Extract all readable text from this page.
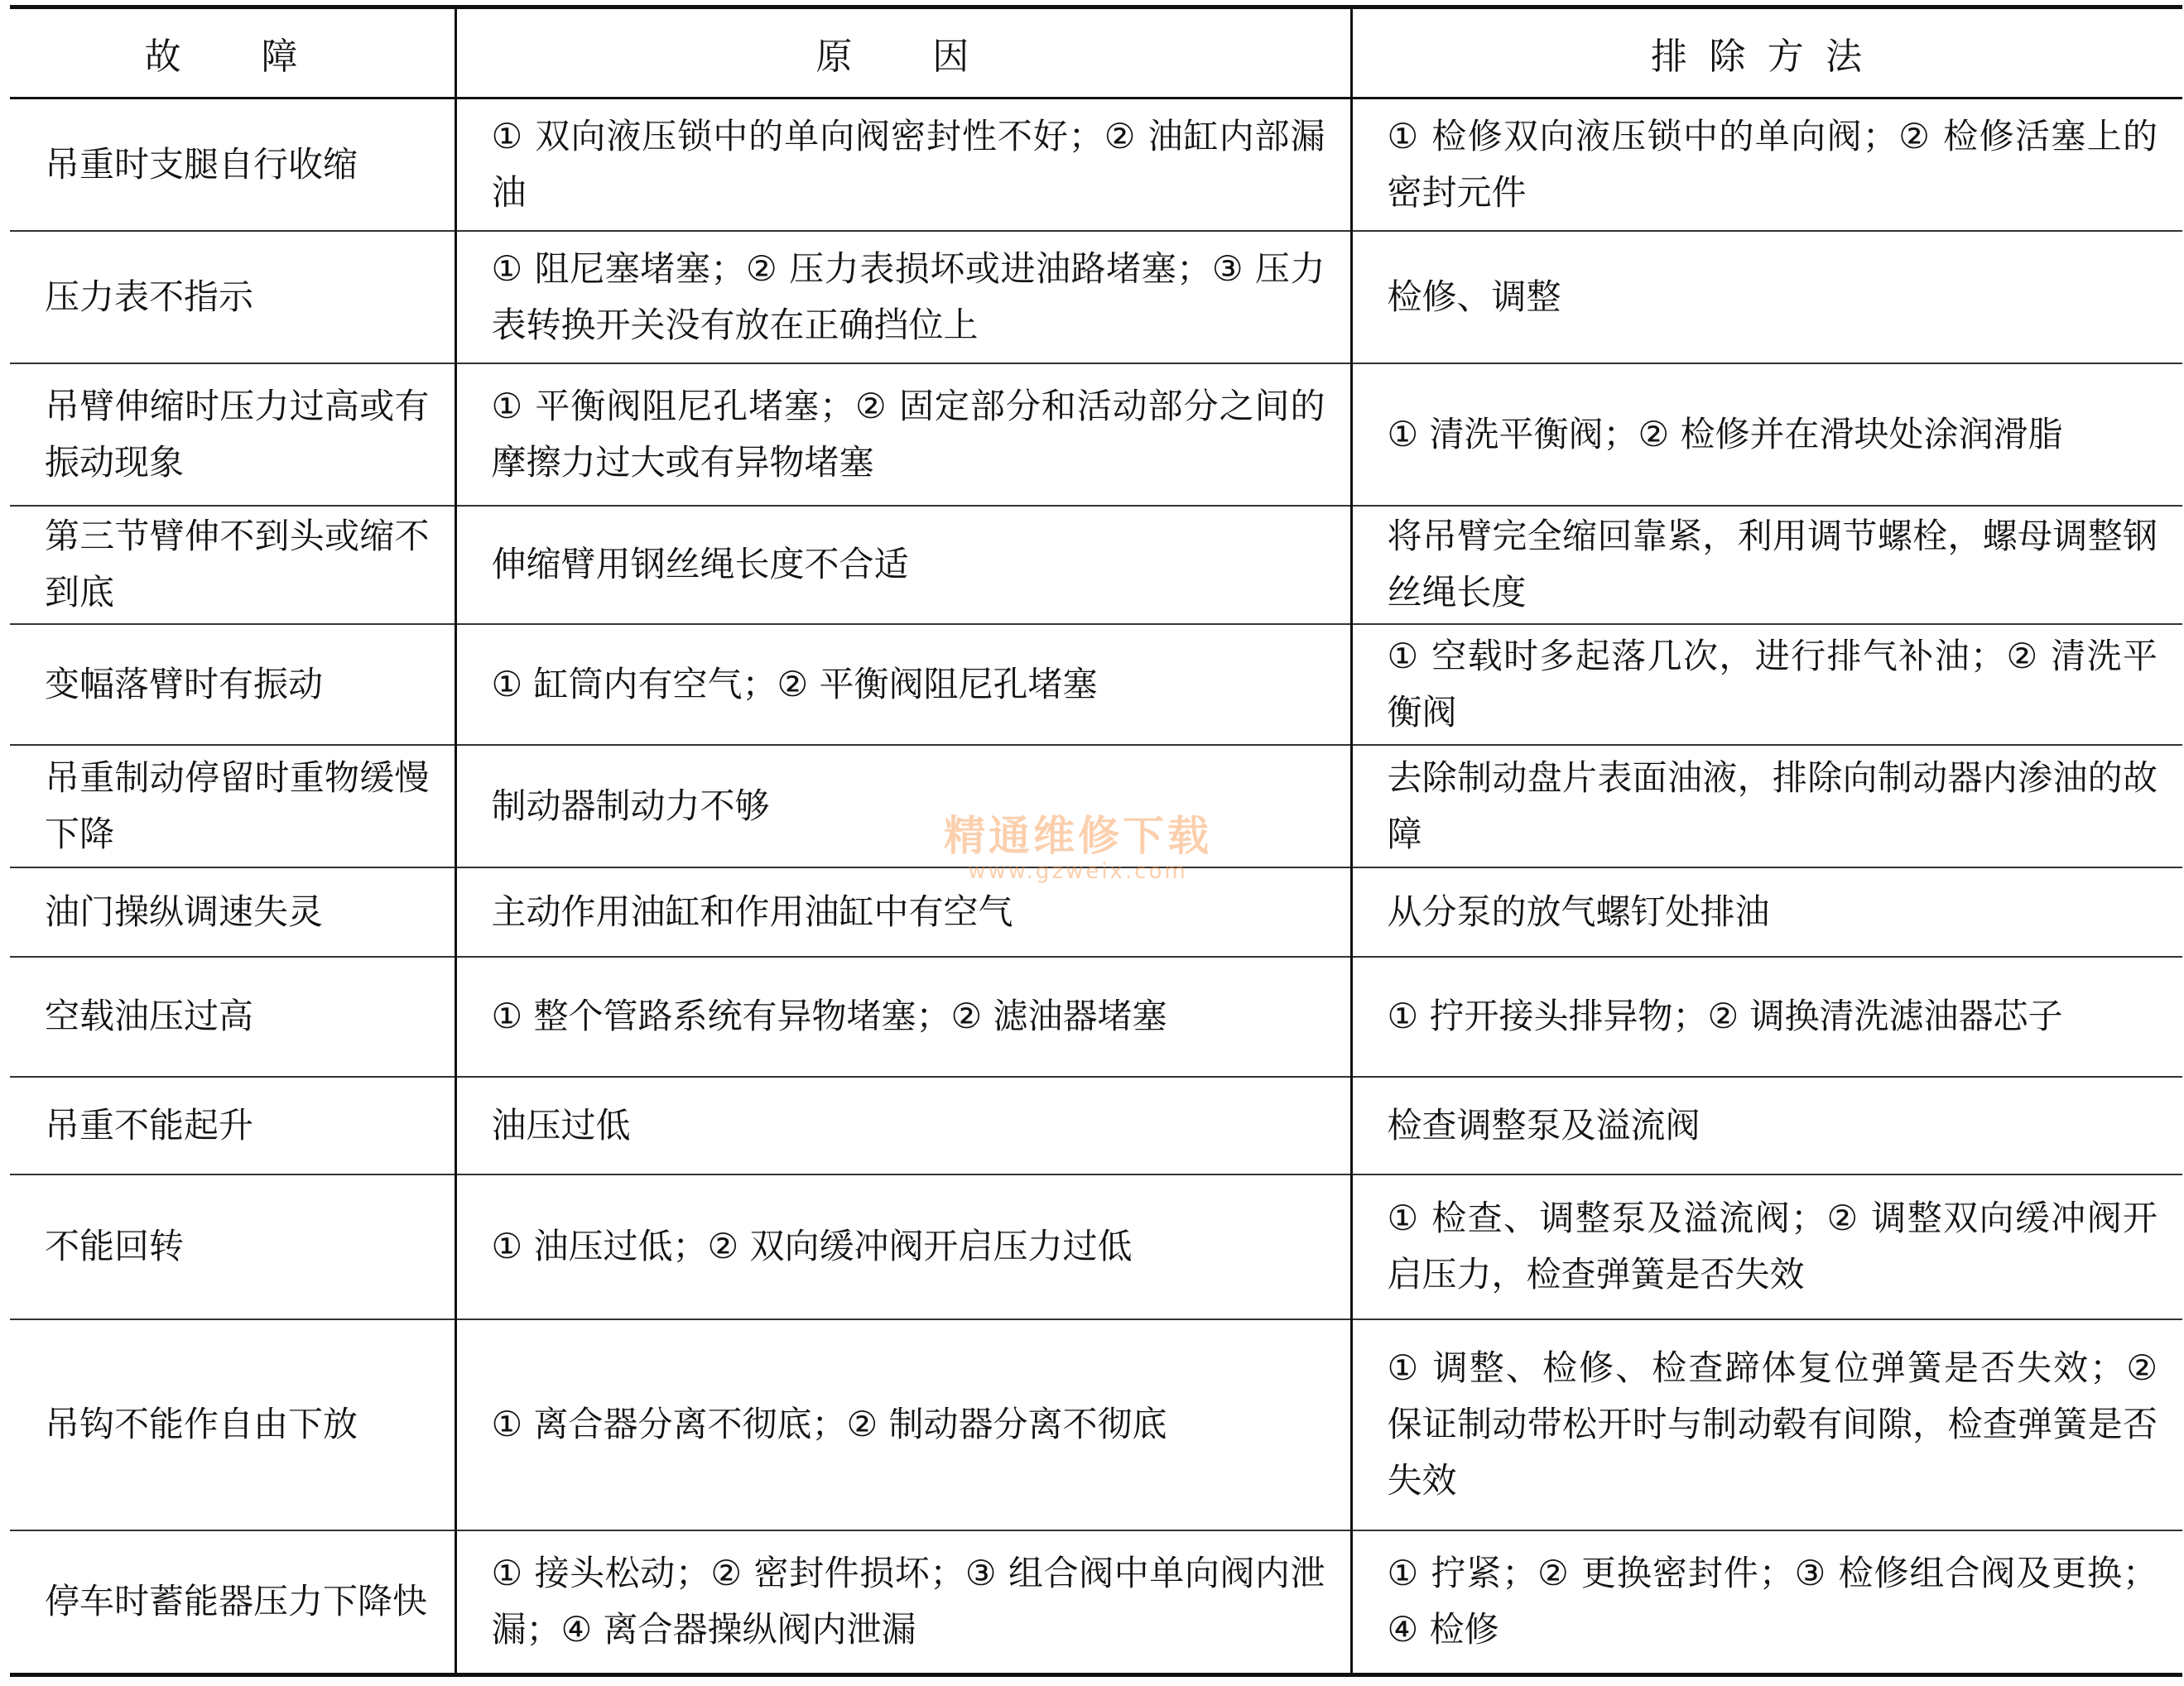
故　障	原　因	排除方法
吊重时支腿自行收缩	① 双向液压锁中的单向阀密封性不好；② 油缸内部漏油	① 检修双向液压锁中的单向阀；② 检修活塞上的密封元件
压力表不指示	① 阻尼塞堵塞；② 压力表损坏或进油路堵塞；③ 压力表转换开关没有放在正确挡位上	检修、调整
吊臂伸缩时压力过高或有振动现象	① 平衡阀阻尼孔堵塞；② 固定部分和活动部分之间的摩擦力过大或有异物堵塞	① 清洗平衡阀；② 检修并在滑块处涂润滑脂
第三节臂伸不到头或缩不到底	伸缩臂用钢丝绳长度不合适	将吊臂完全缩回靠紧，利用调节螺栓，螺母调整钢丝绳长度
变幅落臂时有振动	① 缸筒内有空气；② 平衡阀阻尼孔堵塞	① 空载时多起落几次，进行排气补油；② 清洗平衡阀
吊重制动停留时重物缓慢下降	制动器制动力不够	去除制动盘片表面油液，排除向制动器内渗油的故障
油门操纵调速失灵	主动作用油缸和作用油缸中有空气	从分泵的放气螺钉处排油
空载油压过高	① 整个管路系统有异物堵塞；② 滤油器堵塞	① 拧开接头排异物；② 调换清洗滤油器芯子
吊重不能起升	油压过低	检查调整泵及溢流阀
不能回转	① 油压过低；② 双向缓冲阀开启压力过低	① 检查、调整泵及溢流阀；② 调整双向缓冲阀开启压力，检查弹簧是否失效
吊钩不能作自由下放	① 离合器分离不彻底；② 制动器分离不彻底	① 调整、检修、检查蹄体复位弹簧是否失效；② 保证制动带松开时与制动毂有间隙，检查弹簧是否失效
停车时蓄能器压力下降快	① 接头松动；② 密封件损坏；③ 组合阀中单向阀内泄漏；④ 离合器操纵阀内泄漏	① 拧紧；② 更换密封件；③ 检修组合阀及更换；④ 检修
精通维修下载
www.gzweix.com
